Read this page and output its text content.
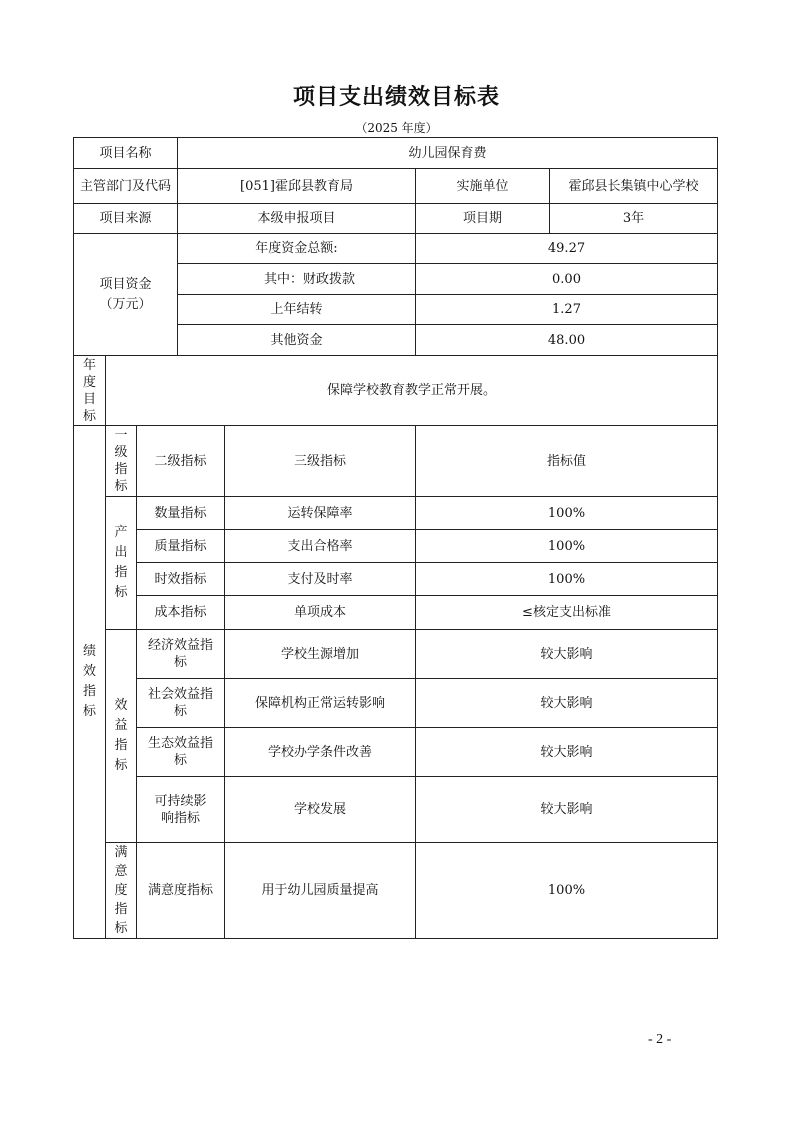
项目支出绩效目标表
（2025 年度）

项目名称			幼儿园保育费					
主管部门及代码			[051]霍邱县教育局			实施单位		霍邱县长集镇中心学校
项目来源			本级申报项目			项目期		3年
项目资金（万元）			年度资金总额:			49.27		
			其中：财政拨款			0.00		
			上年结转			1.27		
			其他资金			48.00		

年度目标	保障学校教育教学正常开展。							

绩效指标	一级指标	二级指标		三级指标		指标值		

	产出指标	数量指标		运转保障率		100%		
		质量指标		支出合格率		100%		
		时效指标		支付及时率		100%		
		成本指标		单项成本		≤核定支出标准		

	效益指标	经济效益指标		学校生源增加		较大影响		
		社会效益指标		保障机构正常运转影响		较大影响		
		生态效益指标		学校办学条件改善		较大影响		
		可持续影响指标		学校发展		较大影响		

	满意度指标	满意度指标		用于幼儿园质量提高		100%		
- 2 -
